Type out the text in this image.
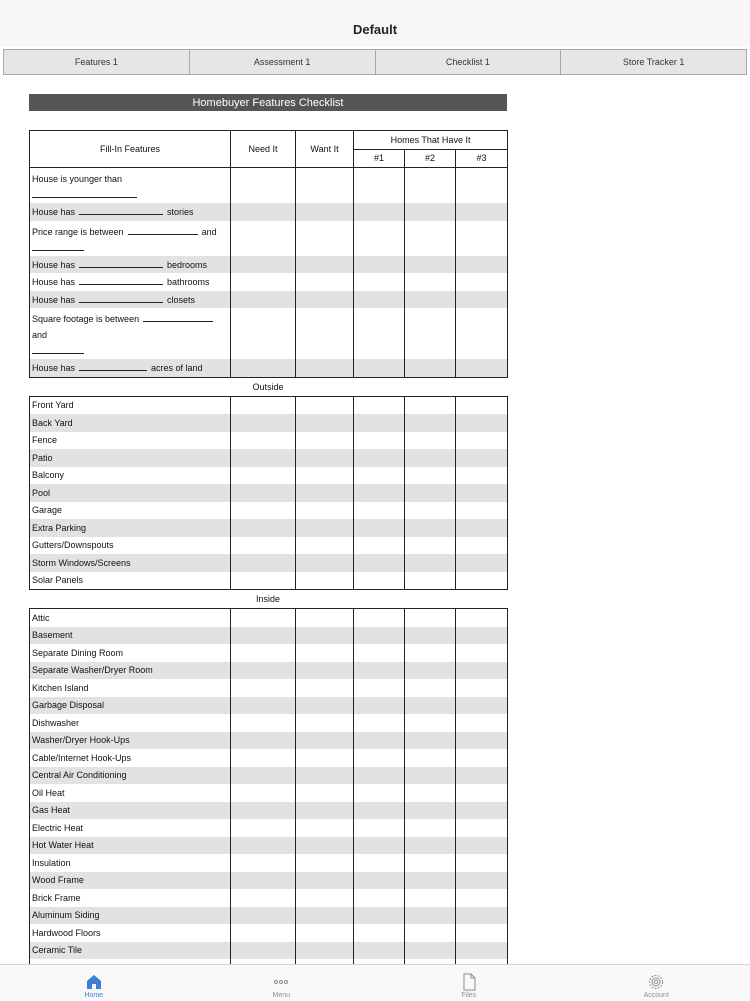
Default
Features 1	Assessment 1	Checklist 1	Store Tracker 1
Homebuyer Features Checklist
Fill-In Features	Need It	Want It	Homes That Have It		
			#1	#2	#3
House is younger than

House has stories					
Price range is between and

House has bedrooms					
House has bathrooms					
House has closets					
Square footage is betweenand

House has acres of land					
Outside
Front Yard					
Back Yard					
Fence					
Patio					
Balcony					
Pool					
Garage					
Extra Parking					
Gutters/Downspouts					
Storm Windows/Screens					
Solar Panels					
Inside
Attic					
Basement					
Separate Dining Room					
Separate Washer/Dryer Room					
Kitchen Island					
Garbage Disposal					
Dishwasher					
Washer/Dryer Hook-Ups					
Cable/Internet Hook-Ups					
Central Air Conditioning					
Oil Heat					
Gas Heat					
Electric Heat					
Hot Water Heat					
Insulation					
Wood Frame					
Brick Frame					
Aluminum Siding					
Hardwood Floors					
Ceramic Tile					

Home	Menu	Files	Account
